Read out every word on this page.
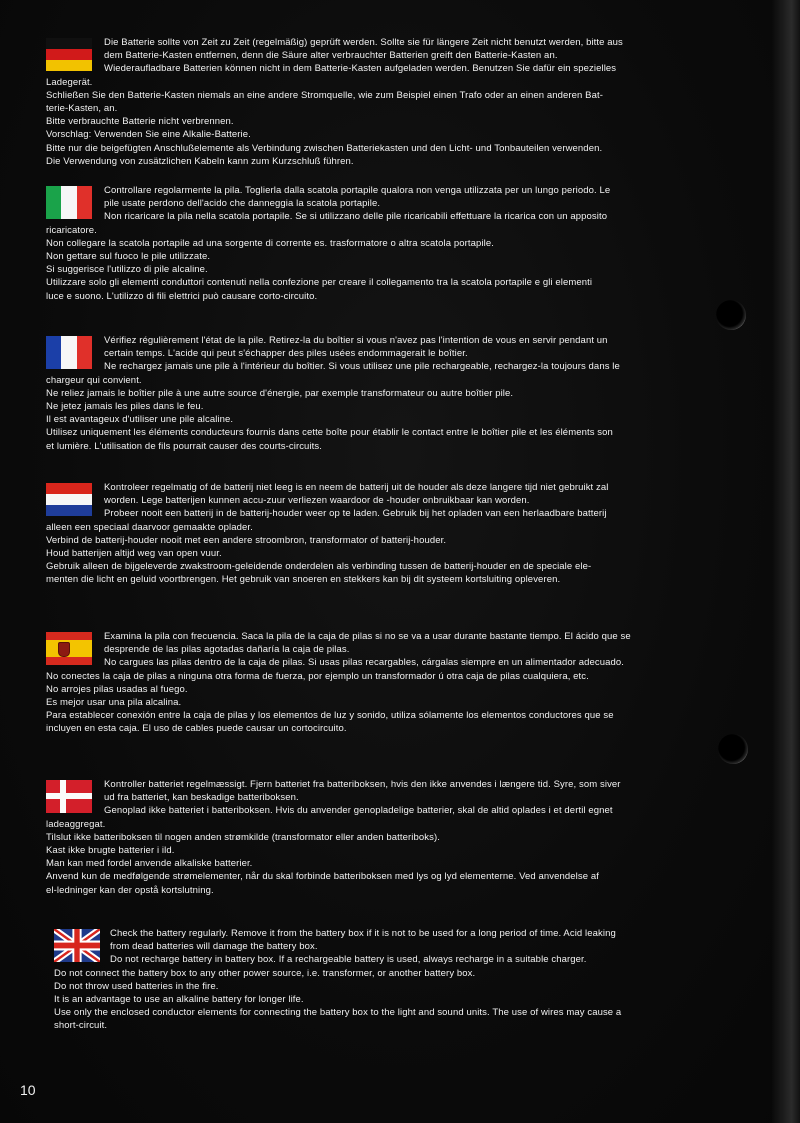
Die Batterie sollte von Zeit zu Zeit (regelmäßig) geprüft werden. Sollte sie für längere Zeit nicht benutzt werden, bitte aus
dem Batterie-Kasten entfernen, denn die Säure alter verbrauchter Batterien greift den Batterie-Kasten an.
Wiederaufladbare Batterien können nicht in dem Batterie-Kasten aufgeladen werden. Benutzen Sie dafür ein spezielles
Ladegerät.
Schließen Sie den Batterie-Kasten niemals an eine andere Stromquelle, wie zum Beispiel einen Trafo oder an einen anderen Bat-
terie-Kasten, an.
Bitte verbrauchte Batterie nicht verbrennen.
Vorschlag: Verwenden Sie eine Alkalie-Batterie.
Bitte nur die beigefügten Anschlußelemente als Verbindung zwischen Batteriekasten und den Licht- und Tonbauteilen verwenden.
Die Verwendung von zusätzlichen Kabeln kann zum Kurzschluß führen.
Controllare regolarmente la pila. Toglierla dalla scatola portapile qualora non venga utilizzata per un lungo periodo. Le
pile usate perdono dell'acido che danneggia la scatola portapile.
Non ricaricare la pila nella scatola portapile. Se si utilizzano delle pile ricaricabili effettuare la ricarica con un apposito
ricaricatore.
Non collegare la scatola portapile ad una sorgente di corrente es. trasformatore o altra scatola portapile.
Non gettare sul fuoco le pile utilizzate.
Si suggerisce l'utilizzo di pile alcaline.
Utilizzare solo gli elementi conduttori contenuti nella confezione per creare il collegamento tra la scatola portapile e gli elementi
luce e suono. L'utilizzo di fili elettrici può causare corto-circuito.
Vérifiez régulièrement l'état de la pile. Retirez-la du boîtier si vous n'avez pas l'intention de vous en servir pendant un
certain temps. L'acide qui peut s'échapper des piles usées endommagerait le boîtier.
Ne rechargez jamais une pile à l'intérieur du boîtier. Si vous utilisez une pile rechargeable, rechargez-la toujours dans le
chargeur qui convient.
Ne reliez jamais le boîtier pile à une autre source d'énergie, par exemple transformateur ou autre boîtier pile.
Ne jetez jamais les piles dans le feu.
Il est avantageux d'utiliser une pile alcaline.
Utilisez uniquement les éléments conducteurs fournis dans cette boîte pour établir le contact entre le boîtier pile et les éléments son
et lumière. L'utilisation de fils pourrait causer des courts-circuits.
Kontroleer regelmatig of de batterij niet leeg is en neem de batterij uit de houder als deze langere tijd niet gebruikt zal
worden. Lege batterijen kunnen accu-zuur verliezen waardoor de -houder onbruikbaar kan worden.
Probeer nooit een batterij in de batterij-houder weer op te laden. Gebruik bij het opladen van een herlaadbare batterij
alleen een speciaal daarvoor gemaakte oplader.
Verbind de batterij-houder nooit met een andere stroombron, transformator of batterij-houder.
Houd batterijen altijd weg van open vuur.
Gebruik alleen de bijgeleverde zwakstroom-geleidende onderdelen als verbinding tussen de batterij-houder en de speciale ele-
menten die licht en geluid voortbrengen. Het gebruik van snoeren en stekkers kan bij dit systeem kortsluiting opleveren.
Examina la pila con frecuencia. Saca la pila de la caja de pilas si no se va a usar durante bastante tiempo. El ácido que se
desprende de las pilas agotadas dañaría la caja de pilas.
No cargues las pilas dentro de la caja de pilas. Si usas pilas recargables, cárgalas siempre en un alimentador adecuado.
No conectes la caja de pilas a ninguna otra forma de fuerza, por ejemplo un transformador ú otra caja de pilas cualquiera, etc.
No arrojes pilas usadas al fuego.
Es mejor usar una pila alcalina.
Para establecer conexión entre la caja de pilas y los elementos de luz y sonido, utiliza sólamente los elementos conductores que se
incluyen en esta caja. El uso de cables puede causar un cortocircuito.
Kontroller batteriet regelmæssigt. Fjern batteriet fra batteriboksen, hvis den ikke anvendes i længere tid. Syre, som siver
ud fra batteriet, kan beskadige batteriboksen.
Genoplad ikke batteriet i batteriboksen. Hvis du anvender genopladelige batterier, skal de altid oplades i et dertil egnet
ladeaggregat.
Tilslut ikke batteriboksen til nogen anden strømkilde (transformator eller anden batteriboks).
Kast ikke brugte batterier i ild.
Man kan med fordel anvende alkaliske batterier.
Anvend kun de medfølgende strømelementer, når du skal forbinde batteriboksen med lys og lyd elementerne. Ved anvendelse af
el-ledninger kan der opstå kortslutning.
Check the battery regularly. Remove it from the battery box if it is not to be used for a long period of time. Acid leaking
from dead batteries will damage the battery box.
Do not recharge battery in battery box. If a rechargeable battery is used, always recharge in a suitable charger.
Do not connect the battery box to any other power source, i.e. transformer, or another battery box.
Do not throw used batteries in the fire.
It is an advantage to use an alkaline battery for longer life.
Use only the enclosed conductor elements for connecting the battery box to the light and sound units. The use of wires may cause a
short-circuit.
10
